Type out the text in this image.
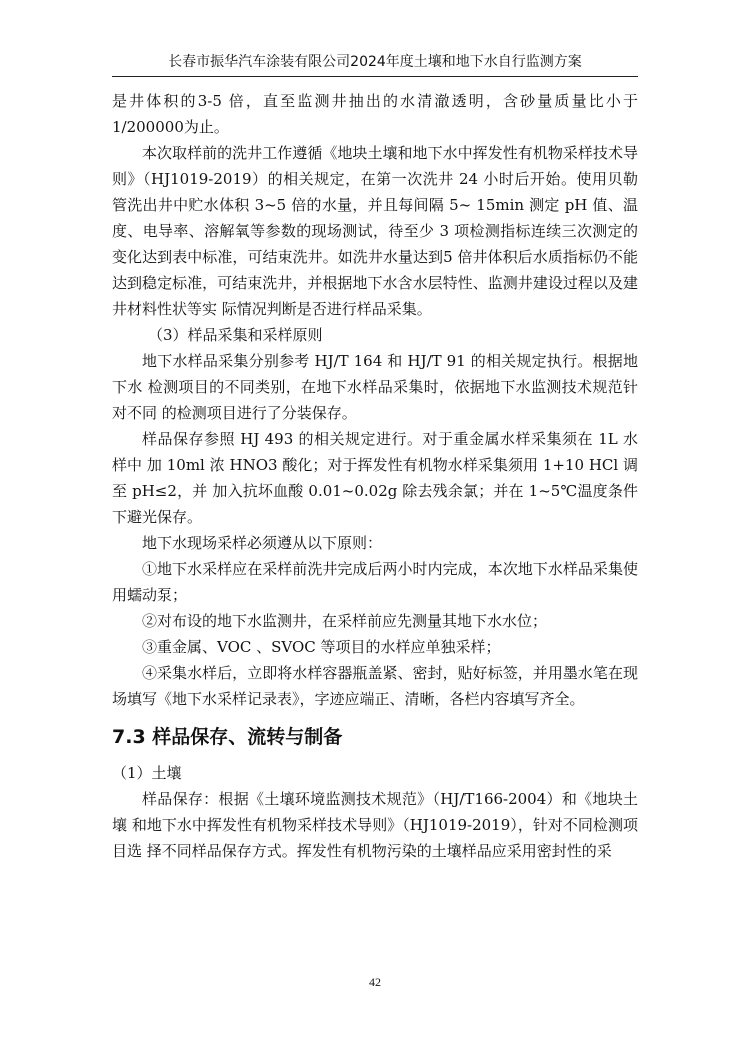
长春市振华汽车涂装有限公司2024年度土壤和地下水自行监测方案

是井体积的3-5 倍，直至监测井抽出的水清澈透明，含砂量质量比小于1/200000为止。

本次取样前的洗井工作遵循《地块土壤和地下水中挥发性有机物采样技术导则》（HJ1019-2019）的相关规定，在第一次洗井 24 小时后开始。使用贝勒管洗出井中贮水体积 3~5 倍的水量，并且每间隔 5~ 15min 测定 pH 值、温度、电导率、溶解氧等参数的现场测试，待至少 3 项检测指标连续三次测定的变化达到表中标准，可结束洗井。如洗井水量达到5 倍井体积后水质指标仍不能达到稳定标准，可结束洗井，并根据地下水含水层特性、监测井建设过程以及建井材料性状等实 际情况判断是否进行样品采集。

（3）样品采集和采样原则

地下水样品采集分别参考 HJ/T 164 和 HJ/T 91 的相关规定执行。根据地下水 检测项目的不同类别，在地下水样品采集时，依据地下水监测技术规范针对不同 的检测项目进行了分装保存。

样品保存参照 HJ 493 的相关规定进行。对于重金属水样采集须在 1L 水样中 加 10ml 浓 HNO3 酸化；对于挥发性有机物水样采集须用 1+10 HCl 调至 pH≤2，并 加入抗坏血酸 0.01~0.02g 除去残余氯；并在 1~5℃温度条件下避光保存。

地下水现场采样必须遵从以下原则：

①地下水采样应在采样前洗井完成后两小时内完成，本次地下水样品采集使 用蠕动泵；

②对布设的地下水监测井，在采样前应先测量其地下水水位；

③重金属、VOC 、SVOC 等项目的水样应单独采样；

④采集水样后，立即将水样容器瓶盖紧、密封，贴好标签，并用墨水笔在现场填写《地下水采样记录表》，字迹应端正、清晰，各栏内容填写齐全。

7.3 样品保存、流转与制备

（1）土壤

样品保存：根据《土壤环境监测技术规范》（HJ/T166-2004）和《地块土壤 和地下水中挥发性有机物采样技术导则》（HJ1019-2019），针对不同检测项目选 择不同样品保存方式。挥发性有机物污染的土壤样品应采用密封性的采

42
